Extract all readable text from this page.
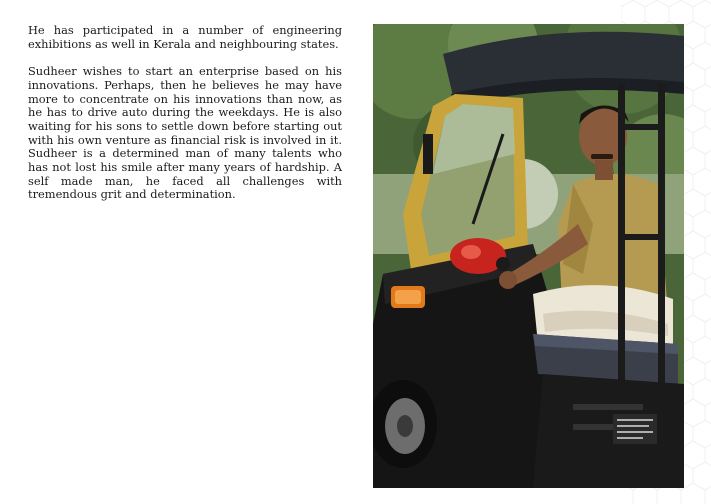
He has participated in a number of engineering exhibitions as well in Kerala and neighbouring states.

Sudheer wishes to start an enterprise based on his innovations. Perhaps, then he believes he may have more to concentrate on his innovations than now, as he has to drive auto during the weekdays. He is also waiting for his sons to settle down before starting out with his own venture as financial risk is involved in it. Sudheer is a determined man of many talents who has not lost his smile after many years of hardship. A self made man, he faced all challenges with tremendous grit and determination.
